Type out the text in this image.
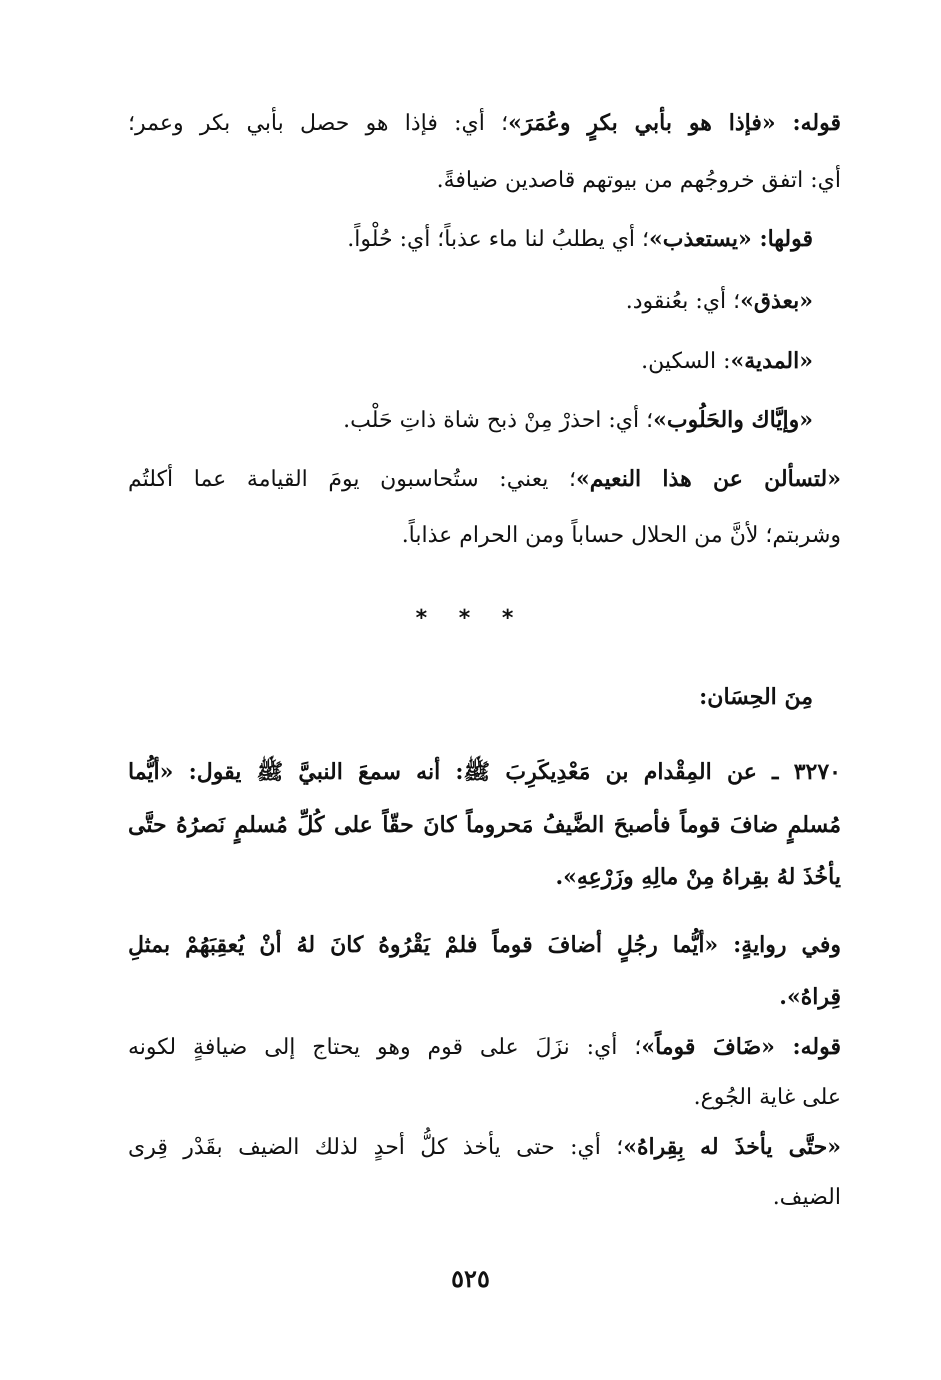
قوله: «فإذا هو بأبي بكرٍ وعُمَرَ»؛ أي: فإذا هو حصل بأبي بكر وعمر؛
أي: اتفق خروجُهم من بيوتهم قاصدين ضيافةً.
قولها: «يستعذب»؛ أي يطلبُ لنا ماء عذباً؛ أي: حُلْواً.
«بعذق»؛ أي: بعُنقود.
«المدية»: السكين.
«وإيَّاك والحَلُوب»؛ أي: احذرْ مِنْ ذبح شاة ذاتِ حَلْب.
«لتسألن عن هذا النعيم»؛ يعني: ستُحاسبون يومَ القيامة عما أكلتُم
وشربتم؛ لأنَّ من الحلال حساباً ومن الحرام عذاباً.
* * *
مِنَ الحِسَان:
٣٢٧٠ ـ عن المِقْدام بن مَعْدِيكَرِبَ ﷺ: أنه سمعَ النبيَّ ﷺ يقول: «أيُّما
مُسلمٍ ضافَ قوماً فأصبحَ الضَّيفُ مَحروماً كانَ حقّاً على كُلِّ مُسلمٍ نَصرُهُ حتَّى
يأخُذَ لهُ بقِراهُ مِنْ مالِهِ وزَرْعِهِ».
وفي روايةٍ: «أيُّما رجُلٍ أضافَ قوماً فلمْ يَقْرُوهُ كانَ لهُ أنْ يُعقِبَهُمْ بمثلِ
قِراهُ».
قوله: «ضَافَ قوماً»؛ أي: نزَلَ على قوم وهو يحتاج إلى ضيافةٍ لكونه
على غاية الجُوع.
«حتَّى يأخذَ له بِقِراهُ»؛ أي: حتى يأخذ كلُّ أحدٍ لذلك الضيف بقَدْر قِرى
الضيف.
٥٢٥
